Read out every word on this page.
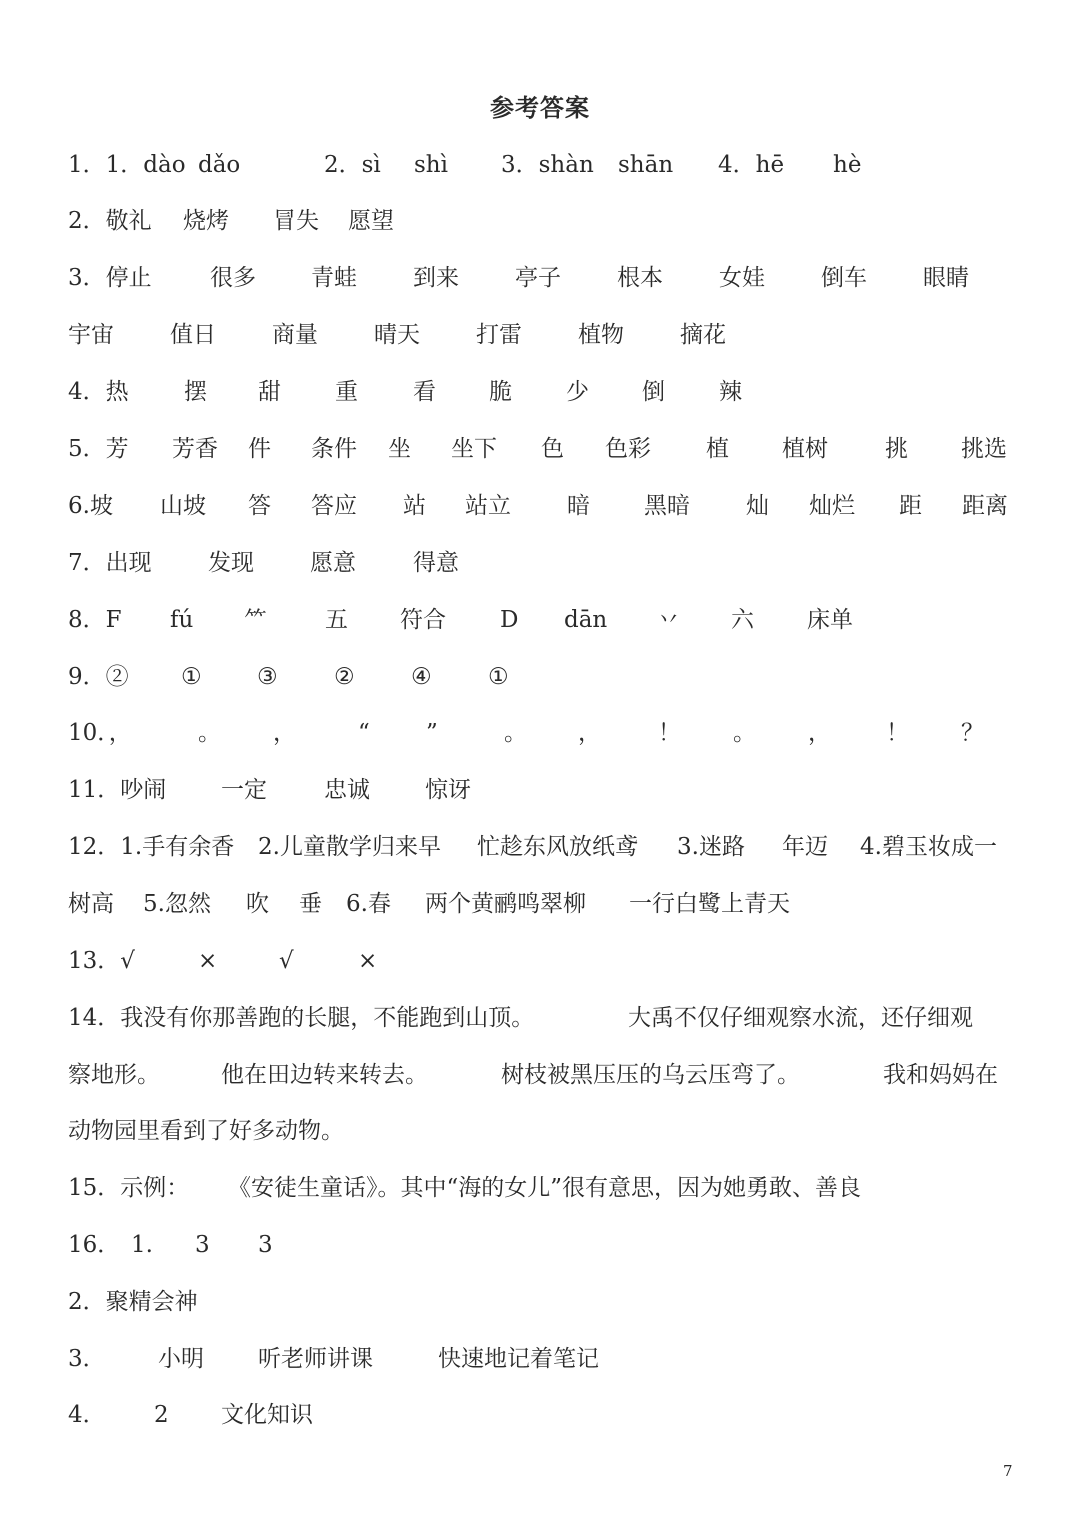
参考答案
1．1．dào dǎo	2．sì shì 3．shàn shān 4．hē hè
2．敬礼 烧烤 冒失 愿望
3．停止	很多 青蛙 到来 亭子 根本 女娃 倒车 眼睛
宇宙 值日 商量 晴天 打雷 植物 摘花
4．热 摆 甜 重 看 脆 少 倒 辣
5．芳 芳香 件 条件 坐 坐下 色 色彩 植 植树 挑 挑选
6.坡 山坡 答 答应 站 站立 暗 黑暗 灿 灿烂 距 距离
7．出现 发现 愿意 得意
8．F fú ⺮	五 符合 D dān 丷 六 床单
9．② ① ③ ② ④ ①
10．，	。 ，	“ ”	。 ， ！ 。 ， ！ ？
11．吵闹 一定 忠诚 惊讶
12．1.手有余香 2.儿童散学归来早 忙趁东风放纸鸢 3.迷路 年迈 4.碧玉妆成一
树高 5.忽然 吹 垂 6.春 两个黄鹂鸣翠柳 一行白鹭上青天
13．√	×	√	×
14．我没有你那善跑的长腿，不能跑到山顶。	大禹不仅仔细观察水流，还仔细观
察地形。	他在田边转来转去。	树枝被黑压压的乌云压弯了。	我和妈妈在
动物园里看到了好多动物。
15．示例： 《安徒生童话》。其中“海的女儿”很有意思，因为她勇敢、善良
16． 1. 3 3
2．聚精会神
3． 小明 听老师讲课	快速地记着笔记
4． 2 文化知识
7
